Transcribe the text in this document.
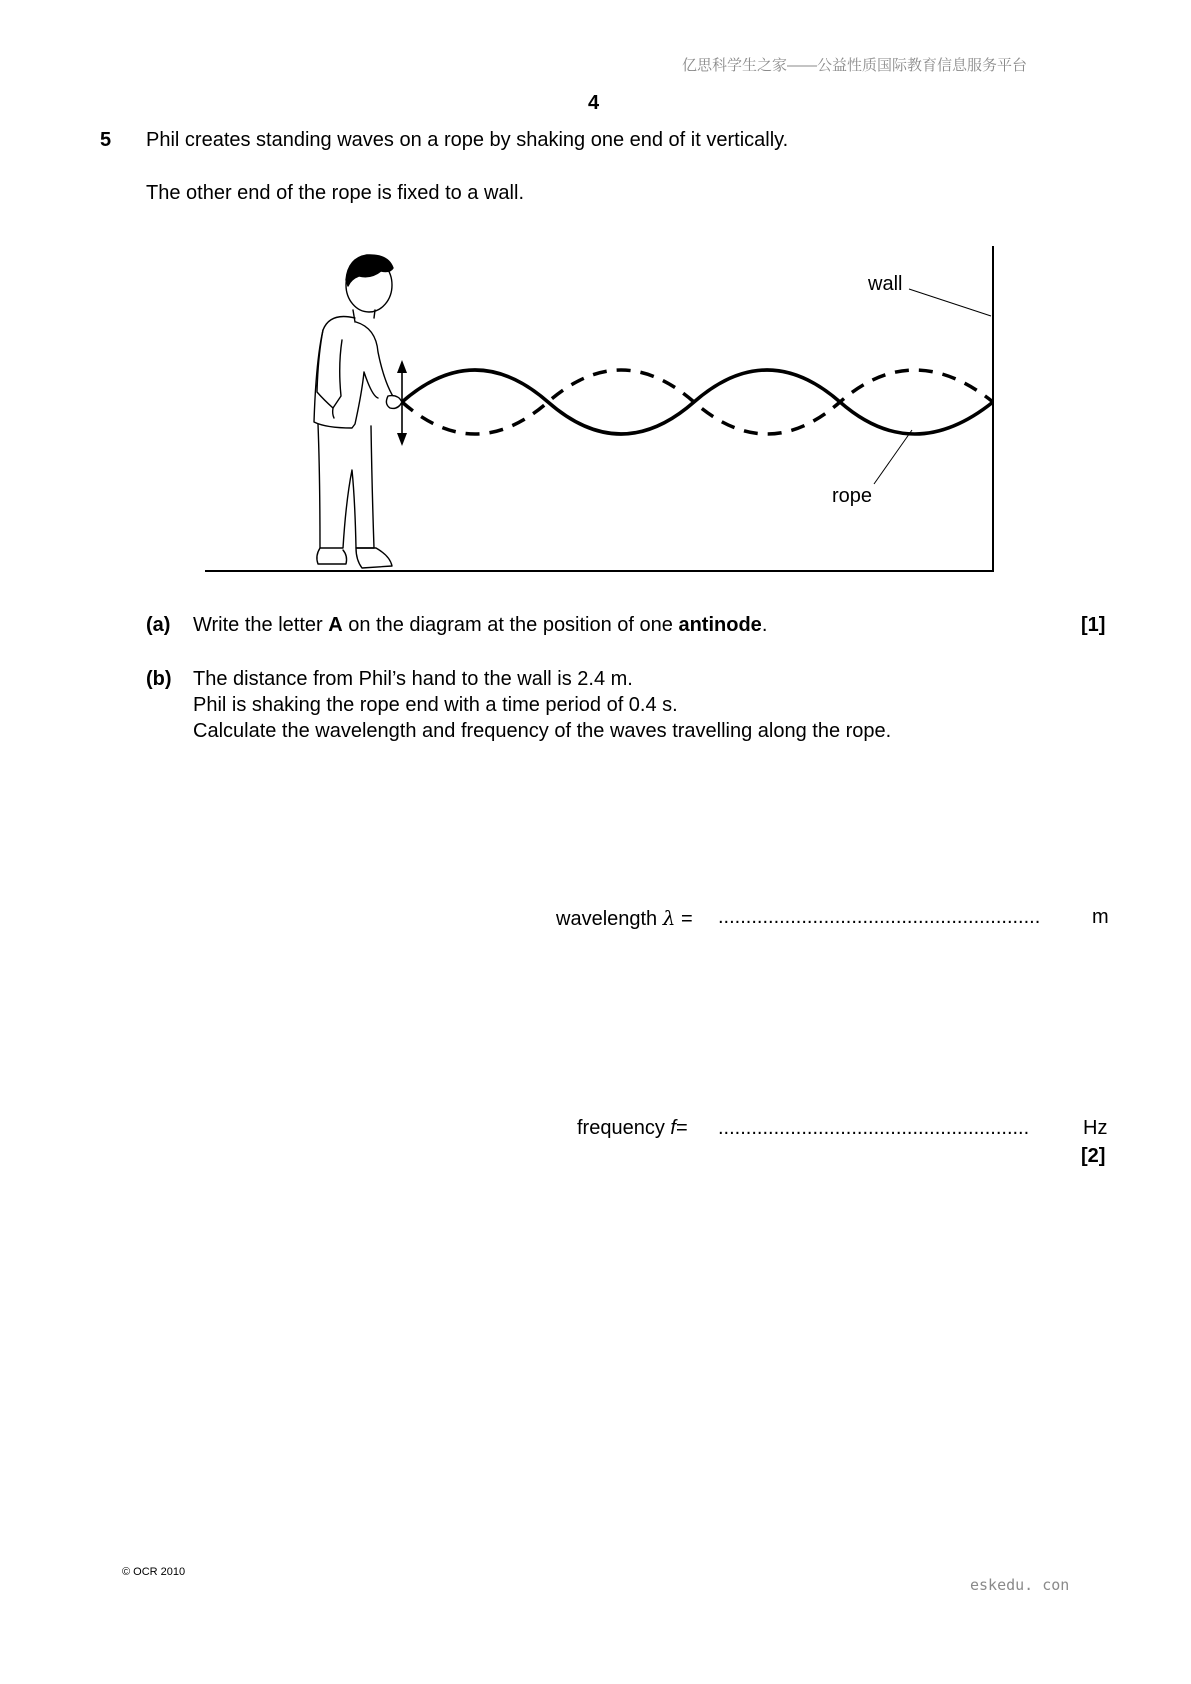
亿思科学生之家——公益性质国际教育信息服务平台
4
5 Phil creates standing waves on a rope by shaking one end of it vertically.
The other end of the rope is fixed to a wall.
wall
rope
(a) Write the letter A on the diagram at the position of one antinode.	[1]
(b) The distance from Phil’s hand to the wall is 2.4 m.
Phil is shaking the rope end with a time period of 0.4 s.
Calculate the wavelength and frequency of the waves travelling along the rope.
wavelength λ = ..........................................................	m
frequency f= ........................................................	Hz
[2]
© OCR 2010
eskedu. con
